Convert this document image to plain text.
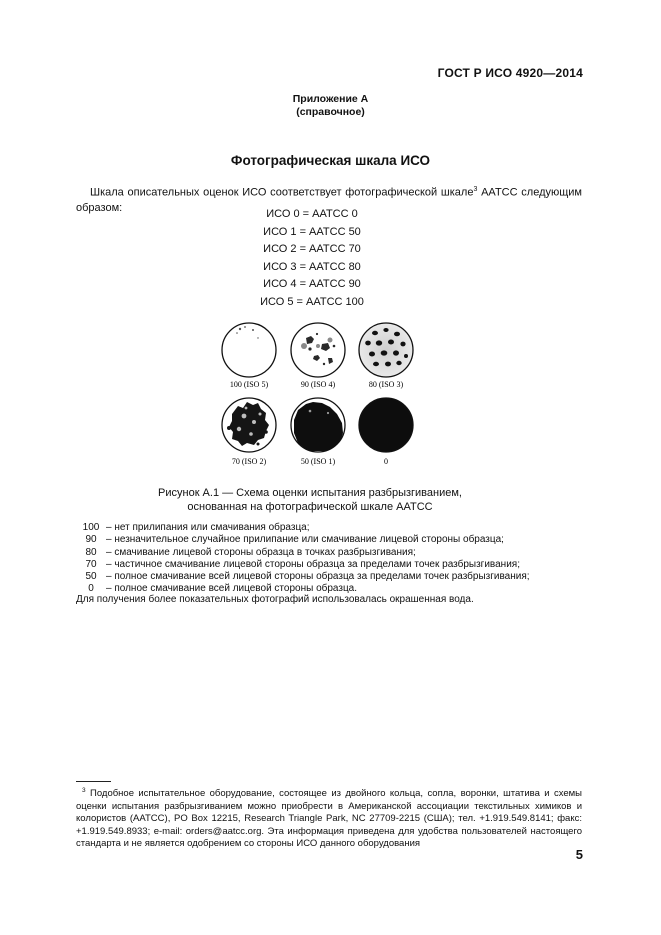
ГОСТ Р ИСО 4920—2014
Приложение А
(справочное)
Фотографическая шкала ИСО
Шкала описательных оценок ИСО соответствует фотографической шкале$^3$ AATCC следующим образом:
ИСО 0 = AATCC 0
ИСО 1 = AATCC 50
ИСО 2 = AATCC 70
ИСО 3 = AATCC 80
ИСО 4 = AATCC 90
ИСО 5 = AATCC 100
100 (ISO 5)	90 (ISO 4)	80 (ISO 3)
70 (ISO 2)	50 (ISO 1)	0
Рисунок А.1 — Схема оценки испытания разбрызгиванием,
основанная на фотографической шкале AATCC
100 – нет прилипания или смачивания образца;
90 – незначительное случайное прилипание или смачивание лицевой стороны образца;
80 – смачивание лицевой стороны образца в точках разбрызгивания;
70 – частичное смачивание лицевой стороны образца за пределами точек разбрызгивания;
50 – полное смачивание всей лицевой стороны образца за пределами точек разбрызгивания;
0	– полное смачивание всей лицевой стороны образца.
Для получения более показательных фотографий использовалась окрашенная вода.
$^3$ Подобное испытательное оборудование, состоящее из двойного кольца, сопла, воронки, штатива и схемы оценки испытания разбрызгиванием можно приобрести в Американской ассоциации текстильных химиков и колористов (AATCC), PO Box 12215, Research Triangle Park, NC 27709-2215 (США); тел. +1.919.549.8141; факс: +1.919.549.8933; e-mail: orders@aatcc.org. Эта информация приведена для удобства пользователей настоящего стандарта и не является одобрением со стороны ИСО данного оборудования
5
